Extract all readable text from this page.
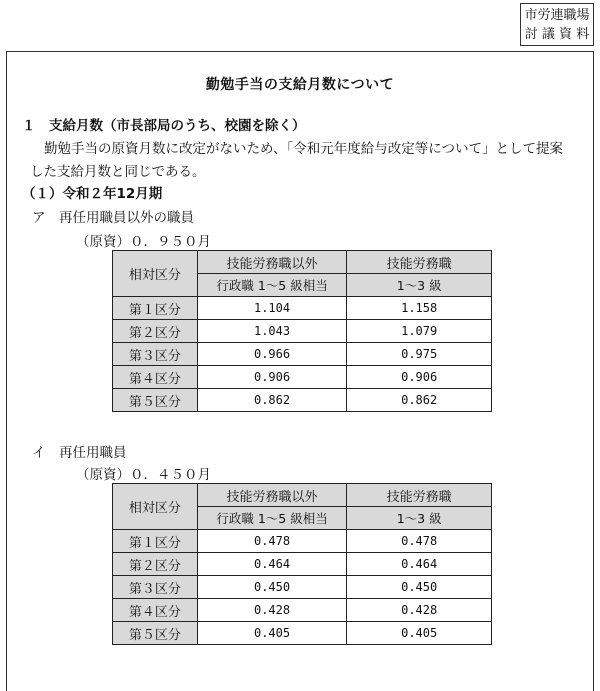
市労連職場
討 議 資 料
勤勉手当の支給月数について
１　支給月数（市長部局のうち、校園を除く）
勤勉手当の原資月数に改定がないため、「令和元年度給与改定等について」として提案
した支給月数と同じである。
（１）令和２年12月期
ア　再任用職員以外の職員
（原資）０．９５０月
相対区分	技能労務職以外	技能労務職
	行政職 1～5 級相当	1～3 級
第１区分	1.104	1.158
第２区分	1.043	1.079
第３区分	0.966	0.975
第４区分	0.906	0.906
第５区分	0.862	0.862
イ　再任用職員
（原資）０．４５０月
相対区分	技能労務職以外	技能労務職
	行政職 1～5 級相当	1～3 級
第１区分	0.478	0.478
第２区分	0.464	0.464
第３区分	0.450	0.450
第４区分	0.428	0.428
第５区分	0.405	0.405
